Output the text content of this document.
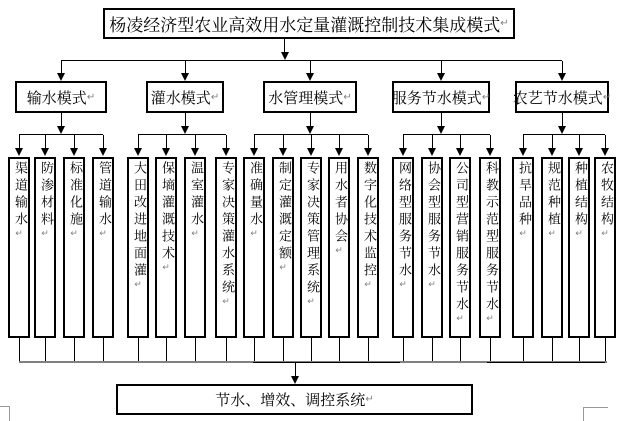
杨凌经济型农业高效用水定量灌溉控制技术集成模式 ↵
输水模式 ↵	灌水模式 ↵	水管理模式 ↵	服务节水模式 ↵ 农艺节水模式 ↵
渠道输水↵
防渗材料↵
标准化施↵
管道输水↵	大田改进地面灌↵
保墒灌溉技术↵
温室灌水↵	专家决策灌水系统↵
准确量水↵	制定灌溉定额↵	专家决策管理系统↵
用水者协会↵	数字化技术监控↵
网络型服务节水↵
协会型服务节水↵	公司型营销服务节水↵
科教示范型服务节水↵
抗旱品种↵
规范种植↵
种植结构↵
农牧结构↵
节水、增效、调控系统 ↵
